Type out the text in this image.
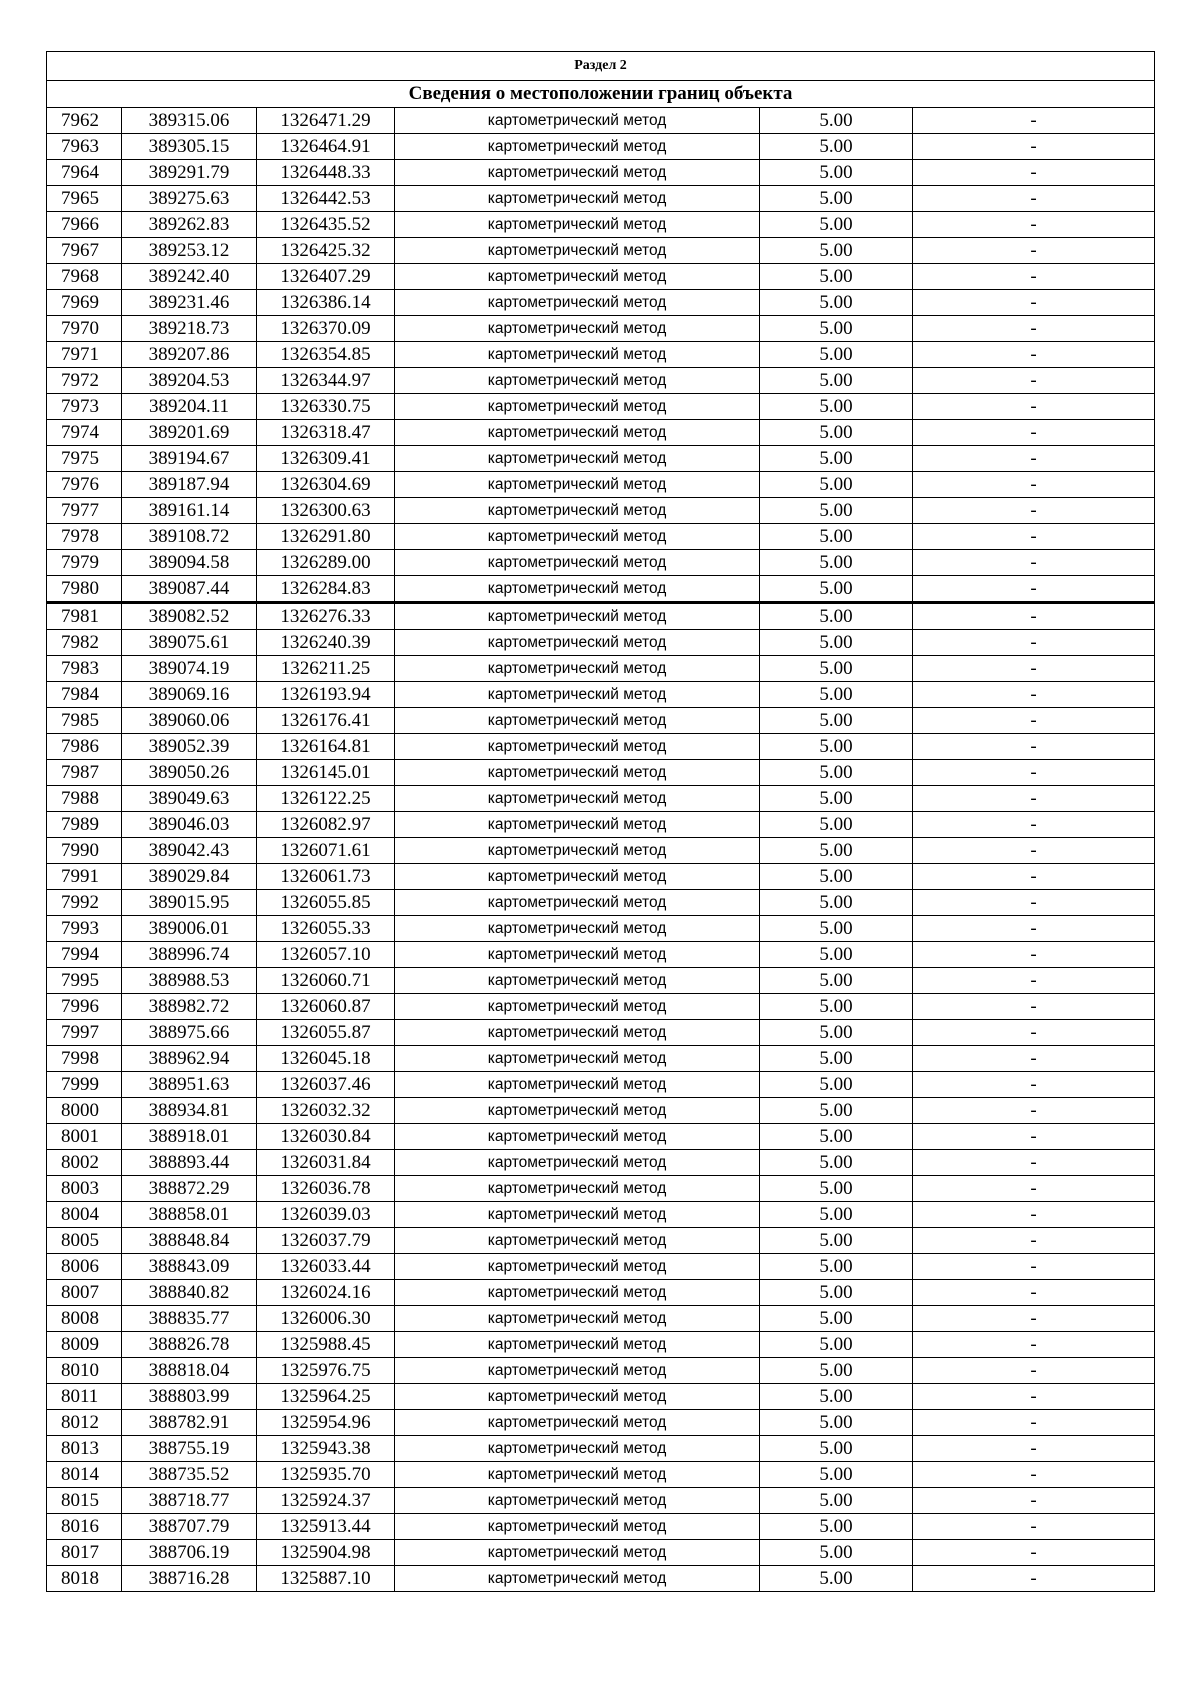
Раздел 2					
Сведения о местоположении границ объекта					
7962	389315.06	1326471.29	картометрический метод	5.00	-
7963	389305.15	1326464.91	картометрический метод	5.00	-
7964	389291.79	1326448.33	картометрический метод	5.00	-
7965	389275.63	1326442.53	картометрический метод	5.00	-
7966	389262.83	1326435.52	картометрический метод	5.00	-
7967	389253.12	1326425.32	картометрический метод	5.00	-
7968	389242.40	1326407.29	картометрический метод	5.00	-
7969	389231.46	1326386.14	картометрический метод	5.00	-
7970	389218.73	1326370.09	картометрический метод	5.00	-
7971	389207.86	1326354.85	картометрический метод	5.00	-
7972	389204.53	1326344.97	картометрический метод	5.00	-
7973	389204.11	1326330.75	картометрический метод	5.00	-
7974	389201.69	1326318.47	картометрический метод	5.00	-
7975	389194.67	1326309.41	картометрический метод	5.00	-
7976	389187.94	1326304.69	картометрический метод	5.00	-
7977	389161.14	1326300.63	картометрический метод	5.00	-
7978	389108.72	1326291.80	картометрический метод	5.00	-
7979	389094.58	1326289.00	картометрический метод	5.00	-
7980	389087.44	1326284.83	картометрический метод	5.00	-
7981	389082.52	1326276.33	картометрический метод	5.00	-
7982	389075.61	1326240.39	картометрический метод	5.00	-
7983	389074.19	1326211.25	картометрический метод	5.00	-
7984	389069.16	1326193.94	картометрический метод	5.00	-
7985	389060.06	1326176.41	картометрический метод	5.00	-
7986	389052.39	1326164.81	картометрический метод	5.00	-
7987	389050.26	1326145.01	картометрический метод	5.00	-
7988	389049.63	1326122.25	картометрический метод	5.00	-
7989	389046.03	1326082.97	картометрический метод	5.00	-
7990	389042.43	1326071.61	картометрический метод	5.00	-
7991	389029.84	1326061.73	картометрический метод	5.00	-
7992	389015.95	1326055.85	картометрический метод	5.00	-
7993	389006.01	1326055.33	картометрический метод	5.00	-
7994	388996.74	1326057.10	картометрический метод	5.00	-
7995	388988.53	1326060.71	картометрический метод	5.00	-
7996	388982.72	1326060.87	картометрический метод	5.00	-
7997	388975.66	1326055.87	картометрический метод	5.00	-
7998	388962.94	1326045.18	картометрический метод	5.00	-
7999	388951.63	1326037.46	картометрический метод	5.00	-
8000	388934.81	1326032.32	картометрический метод	5.00	-
8001	388918.01	1326030.84	картометрический метод	5.00	-
8002	388893.44	1326031.84	картометрический метод	5.00	-
8003	388872.29	1326036.78	картометрический метод	5.00	-
8004	388858.01	1326039.03	картометрический метод	5.00	-
8005	388848.84	1326037.79	картометрический метод	5.00	-
8006	388843.09	1326033.44	картометрический метод	5.00	-
8007	388840.82	1326024.16	картометрический метод	5.00	-
8008	388835.77	1326006.30	картометрический метод	5.00	-
8009	388826.78	1325988.45	картометрический метод	5.00	-
8010	388818.04	1325976.75	картометрический метод	5.00	-
8011	388803.99	1325964.25	картометрический метод	5.00	-
8012	388782.91	1325954.96	картометрический метод	5.00	-
8013	388755.19	1325943.38	картометрический метод	5.00	-
8014	388735.52	1325935.70	картометрический метод	5.00	-
8015	388718.77	1325924.37	картометрический метод	5.00	-
8016	388707.79	1325913.44	картометрический метод	5.00	-
8017	388706.19	1325904.98	картометрический метод	5.00	-
8018	388716.28	1325887.10	картометрический метод	5.00	-
